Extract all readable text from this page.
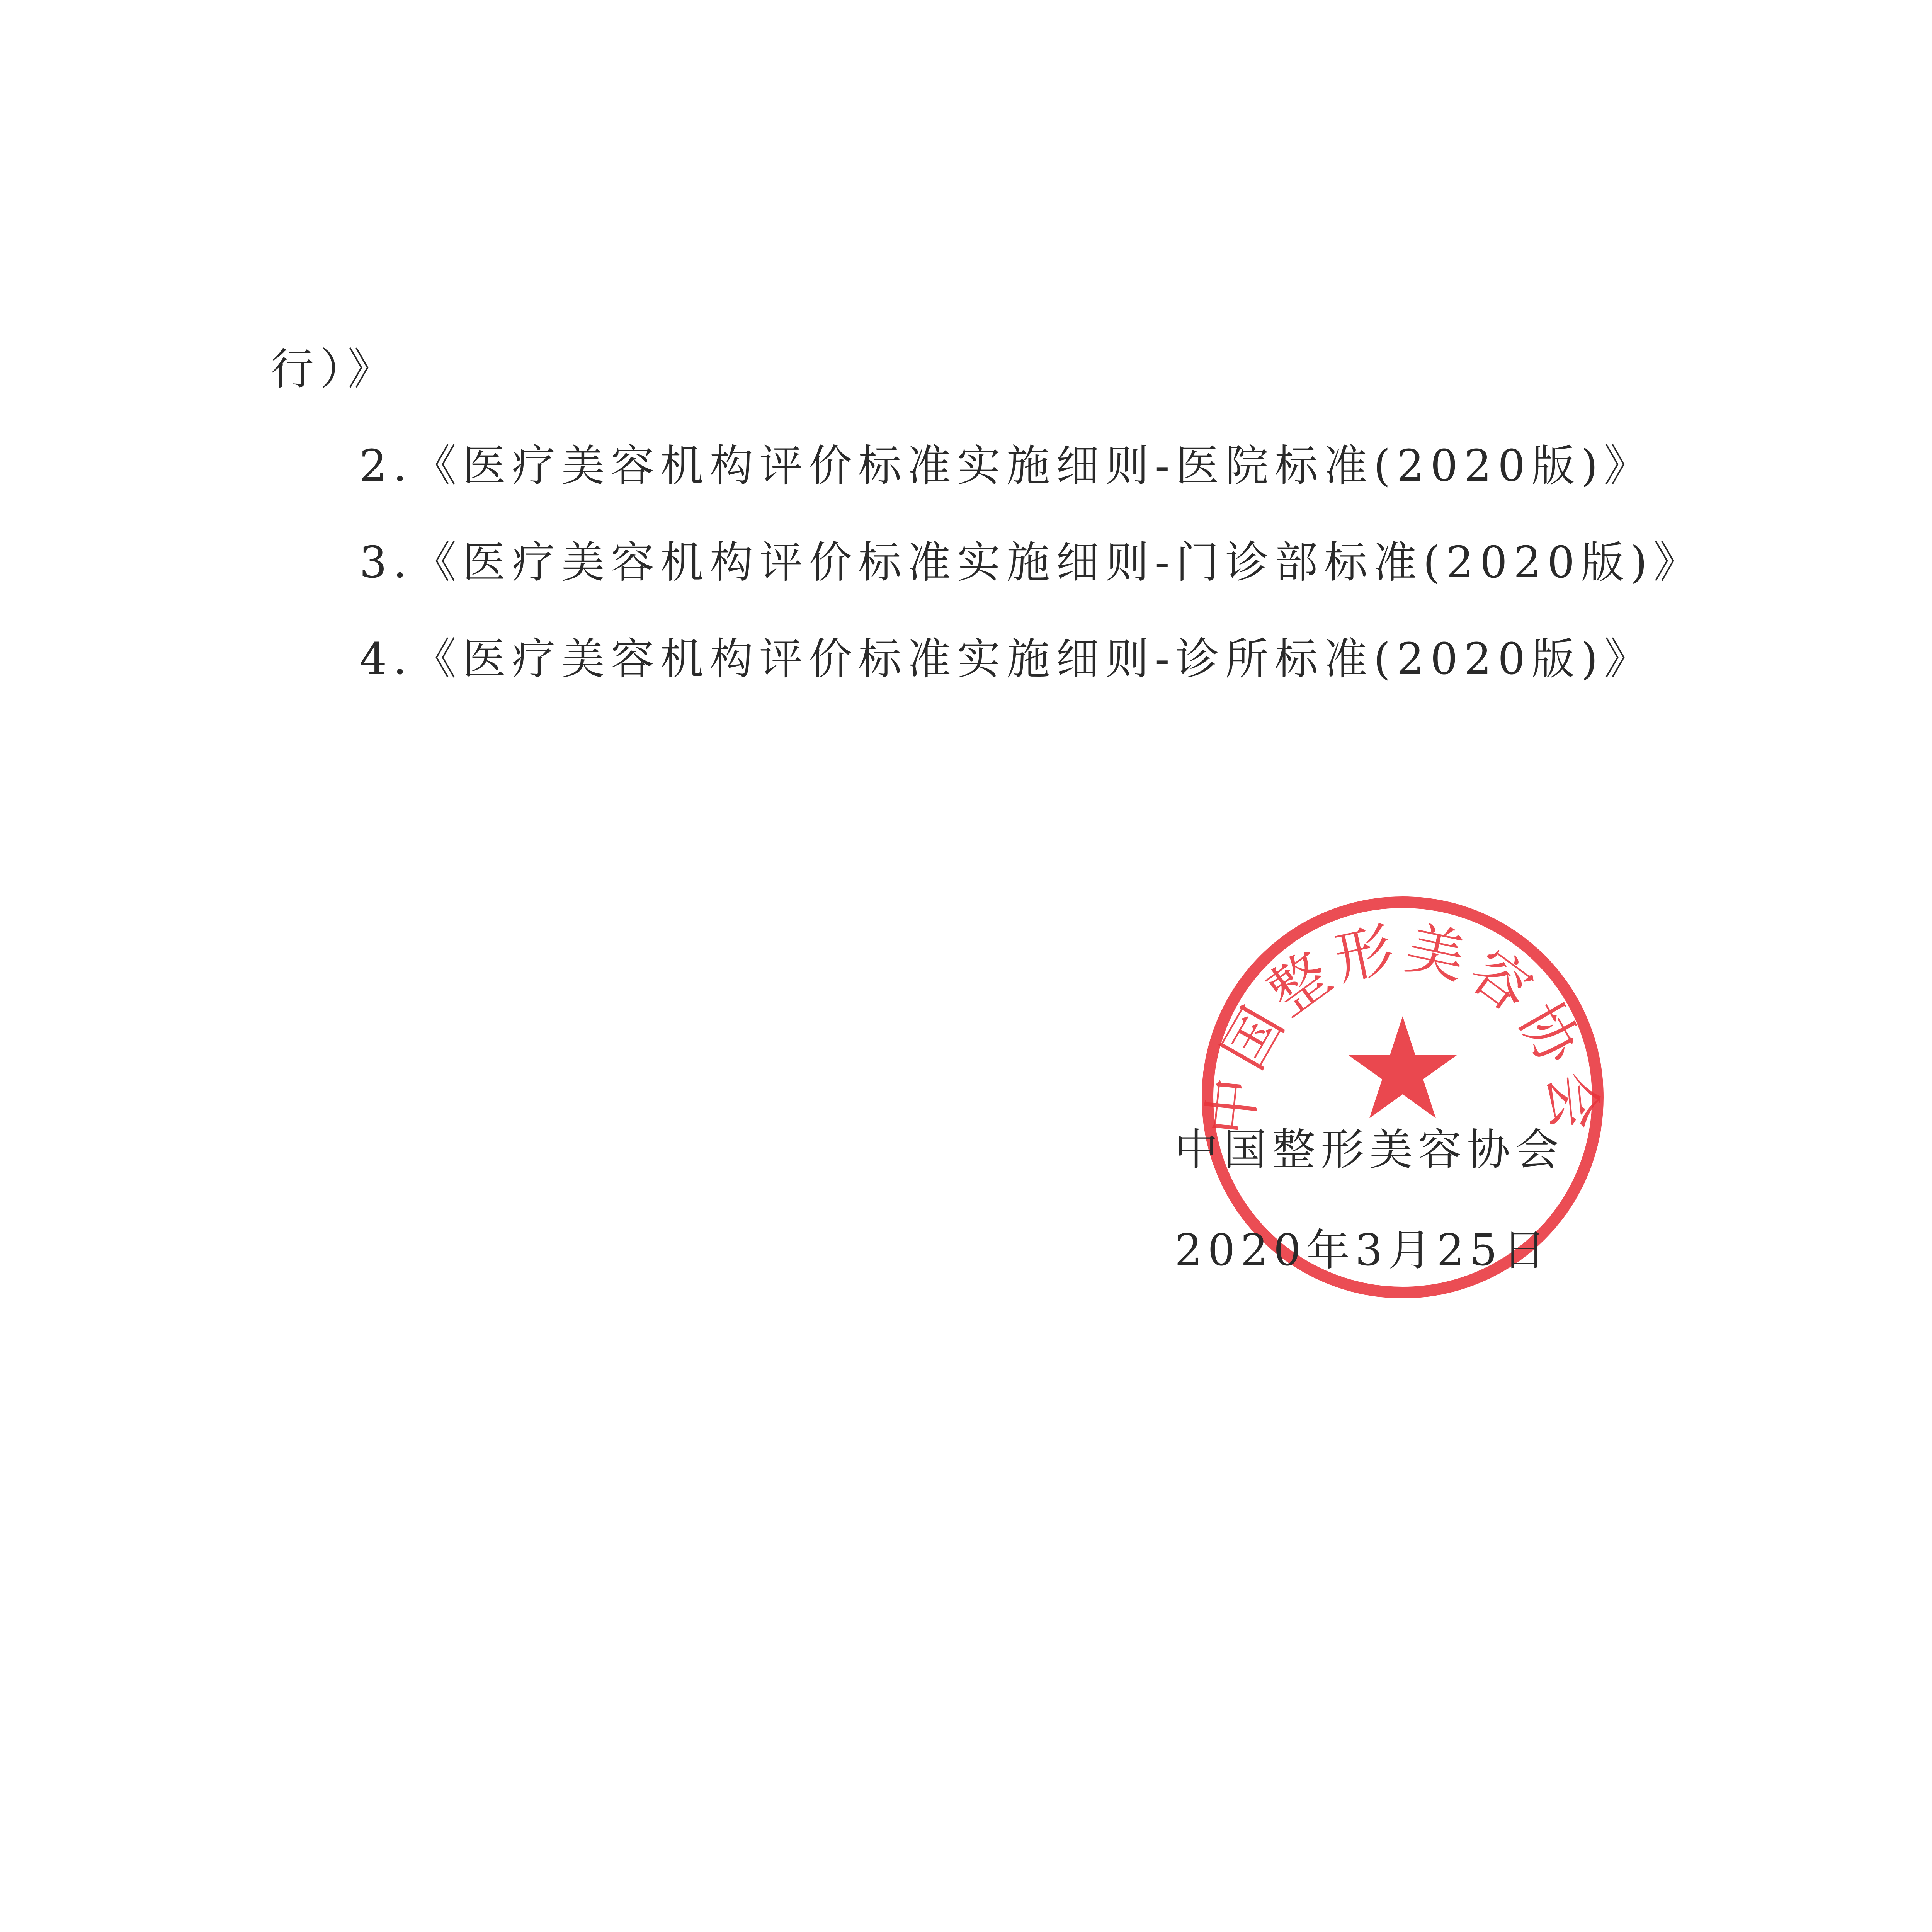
行）》
2.《医疗美容机构评价标准实施细则-医院标准(2020版)》
3.《医疗美容机构评价标准实施细则-门诊部标准(2020版)》
4.《医疗美容机构评价标准实施细则-诊所标准(2020版)》
中国整形美容协会
中国整形美容协会
2020年3月25日
